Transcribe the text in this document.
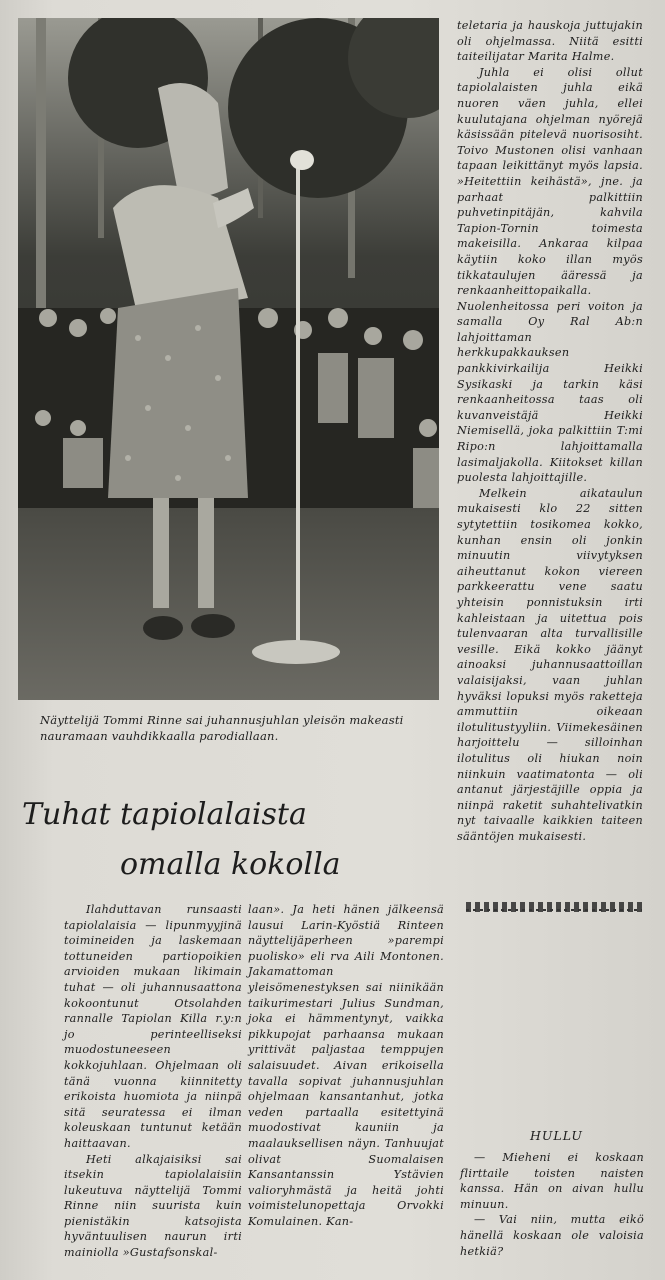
Näyttelijä Tommi Rinne sai juhannusjuhlan yleisön makeasti nauramaan vauhdikkaalla parodiallaan.
Tuhat tapiolalaista
omalla kokolla

Ilahduttavan runsaasti tapiolalaisia — lipunmyyjinä toimineiden ja laskemaan tottuneiden partiopoikien arvioiden mukaan likimain tuhat — oli juhannusaattona kokoontunut Otsolahden rannalle Tapiolan Killa r.y:n jo perinteelliseksi muodostuneeseen kokkojuhlaan. Ohjelmaan oli tänä vuonna kiinnitetty erikoista huomiota ja niinpä sitä seuratessa ei ilman koleuskaan tuntunut ketään haittaavan.

Heti alkajaisiksi sai itsekin tapiolalaisiin lukeutuva näyttelijä Tommi Rinne niin suurista kuin pienistäkin katsojista hyväntuulisen naurun irti mainiolla »Gustafsonskal-

laan». Ja heti hänen jälkeensä lausui Larin-Kyöstiä Rinteen näyttelijäperheen »parempi puolisko» eli rva Aili Montonen. Jakamattoman yleisömenestyksen sai niinikään taikurimestari Julius Sundman, joka ei hämmentynyt, vaikka pikkupojat parhaansa mukaan yrittivät paljastaa temppujen salaisuudet. Aivan erikoisella tavalla sopivat juhannusjuhlan ohjelmaan kansantanhut, jotka veden partaalla esitettyinä muodostivat kauniin ja maalauksellisen näyn. Tanhuujat olivat Suomalaisen Kansantanssin Ystävien valioryhmästä ja heitä johti voimistelunopettaja Orvokki Komulainen. Kan-

teletaria ja hauskoja juttujakin oli ohjelmassa. Niitä esitti taiteilijatar Marita Halme.

Juhla ei olisi ollut tapiolalaisten juhla eikä nuoren väen juhla, ellei kuulutajana ohjelman nyörejä käsissään pitelevä nuorisosiht. Toivo Mustonen olisi vanhaan tapaan leikittänyt myös lapsia. »Heitettiin keihästä», jne. ja parhaat palkittiin puhvetinpitäjän, kahvila Tapion-Tornin toimesta makeisilla. Ankaraa kilpaa käytiin koko illan myös tikkataulujen ääressä ja renkaanheittopaikalla. Nuolenheitossa peri voiton ja samalla Oy Ral Ab:n lahjoittaman herkkupakkauksen pankkivirkailija Heikki Sysikaski ja tarkin käsi renkaanheitossa taas oli kuvanveistäjä Heikki Niemisellä, joka palkittiin T:mi Ripo:n lahjoittamalla lasimaljakolla. Kiitokset killan puolesta lahjoittajille.

Melkein aikataulun mukaisesti klo 22 sitten sytytettiin tosikomea kokko, kunhan ensin oli jonkin minuutin viivytyksen aiheuttanut kokon viereen parkkeerattu vene saatu yhteisin ponnistuksin irti kahleistaan ja uitettua pois tulenvaaran alta turvallisille vesille. Eikä kokko jäänyt ainoaksi juhannusaattoillan valaisijaksi, vaan juhlan hyväksi lopuksi myös raketteja ammuttiin oikeaan ilotulitustyyliin. Viimekesäinen harjoittelu — silloinhan ilotulitus oli hiukan noin niinkuin vaatimatonta — oli antanut järjestäjille oppia ja niinpä raketit suhahtelivatkin nyt taivaalle kaikkien taiteen sääntöjen mukaisesti.

HULLU

— Mieheni ei koskaan flirttaile toisten naisten kanssa. Hän on aivan hullu minuun.

— Vai niin, mutta eikö hänellä koskaan ole valoisia hetkiä?
